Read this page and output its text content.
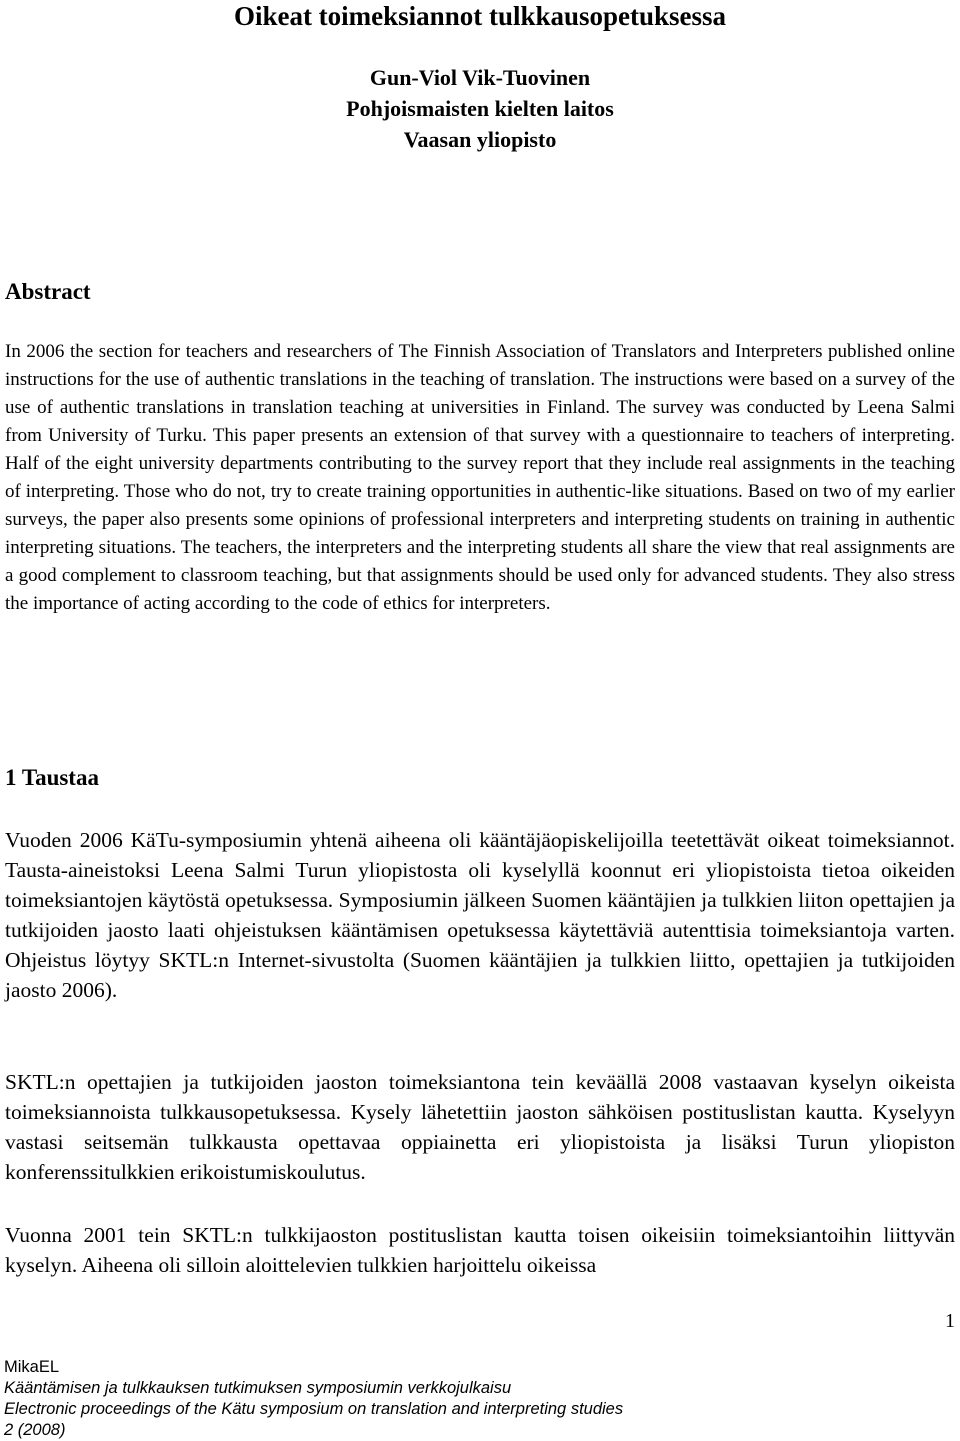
Oikeat toimeksiannot tulkkausopetuksessa
Gun-Viol Vik-Tuovinen
Pohjoismaisten kielten laitos
Vaasan yliopisto
Abstract

In 2006 the section for teachers and researchers of The Finnish Association of Translators and Interpreters published online instructions for the use of authentic translations in the teaching of translation. The instructions were based on a survey of the use of authentic translations in translation teaching at universities in Finland. The survey was conducted by Leena Salmi from University of Turku. This paper presents an extension of that survey with a questionnaire to teachers of interpreting. Half of the eight university departments contributing to the survey report that they include real assignments in the teaching of interpreting. Those who do not, try to create training opportunities in authentic-like situations. Based on two of my earlier surveys, the paper also presents some opinions of professional interpreters and interpreting students on training in authentic interpreting situations. The teachers, the interpreters and the interpreting students all share the view that real assignments are a good complement to classroom teaching, but that assignments should be used only for advanced students. They also stress the importance of acting according to the code of ethics for interpreters.

1 Taustaa

Vuoden 2006 KäTu-symposiumin yhtenä aiheena oli kääntäjäopiskelijoilla teetettävät oikeat toimeksiannot. Tausta-aineistoksi Leena Salmi Turun yliopistosta oli kyselyllä koonnut eri yliopistoista tietoa oikeiden toimeksiantojen käytöstä opetuksessa. Symposiumin jälkeen Suomen kääntäjien ja tulkkien liiton opettajien ja tutkijoiden jaosto laati ohjeistuksen kääntämisen opetuksessa käytettäviä autenttisia toimeksiantoja varten. Ohjeistus löytyy SKTL:n Internet-sivustolta (Suomen kääntäjien ja tulkkien liitto, opettajien ja tutkijoiden jaosto 2006).

SKTL:n opettajien ja tutkijoiden jaoston toimeksiantona tein keväällä 2008 vastaavan kyselyn oikeista toimeksiannoista tulkkausopetuksessa. Kysely lähetettiin jaoston sähköisen postituslistan kautta. Kyselyyn vastasi seitsemän tulkkausta opettavaa oppiainetta eri yliopistoista ja lisäksi Turun yliopiston konferenssitulkkien erikoistumiskoulutus.

Vuonna 2001 tein SKTL:n tulkkijaoston postituslistan kautta toisen oikeisiin toimeksiantoihin liittyvän kyselyn. Aiheena oli silloin aloittelevien tulkkien harjoittelu oikeissa

1
MikaEL
Kääntämisen ja tulkkauksen tutkimuksen symposiumin verkkojulkaisu
Electronic proceedings of the Kätu symposium on translation and interpreting studies
2 (2008)
